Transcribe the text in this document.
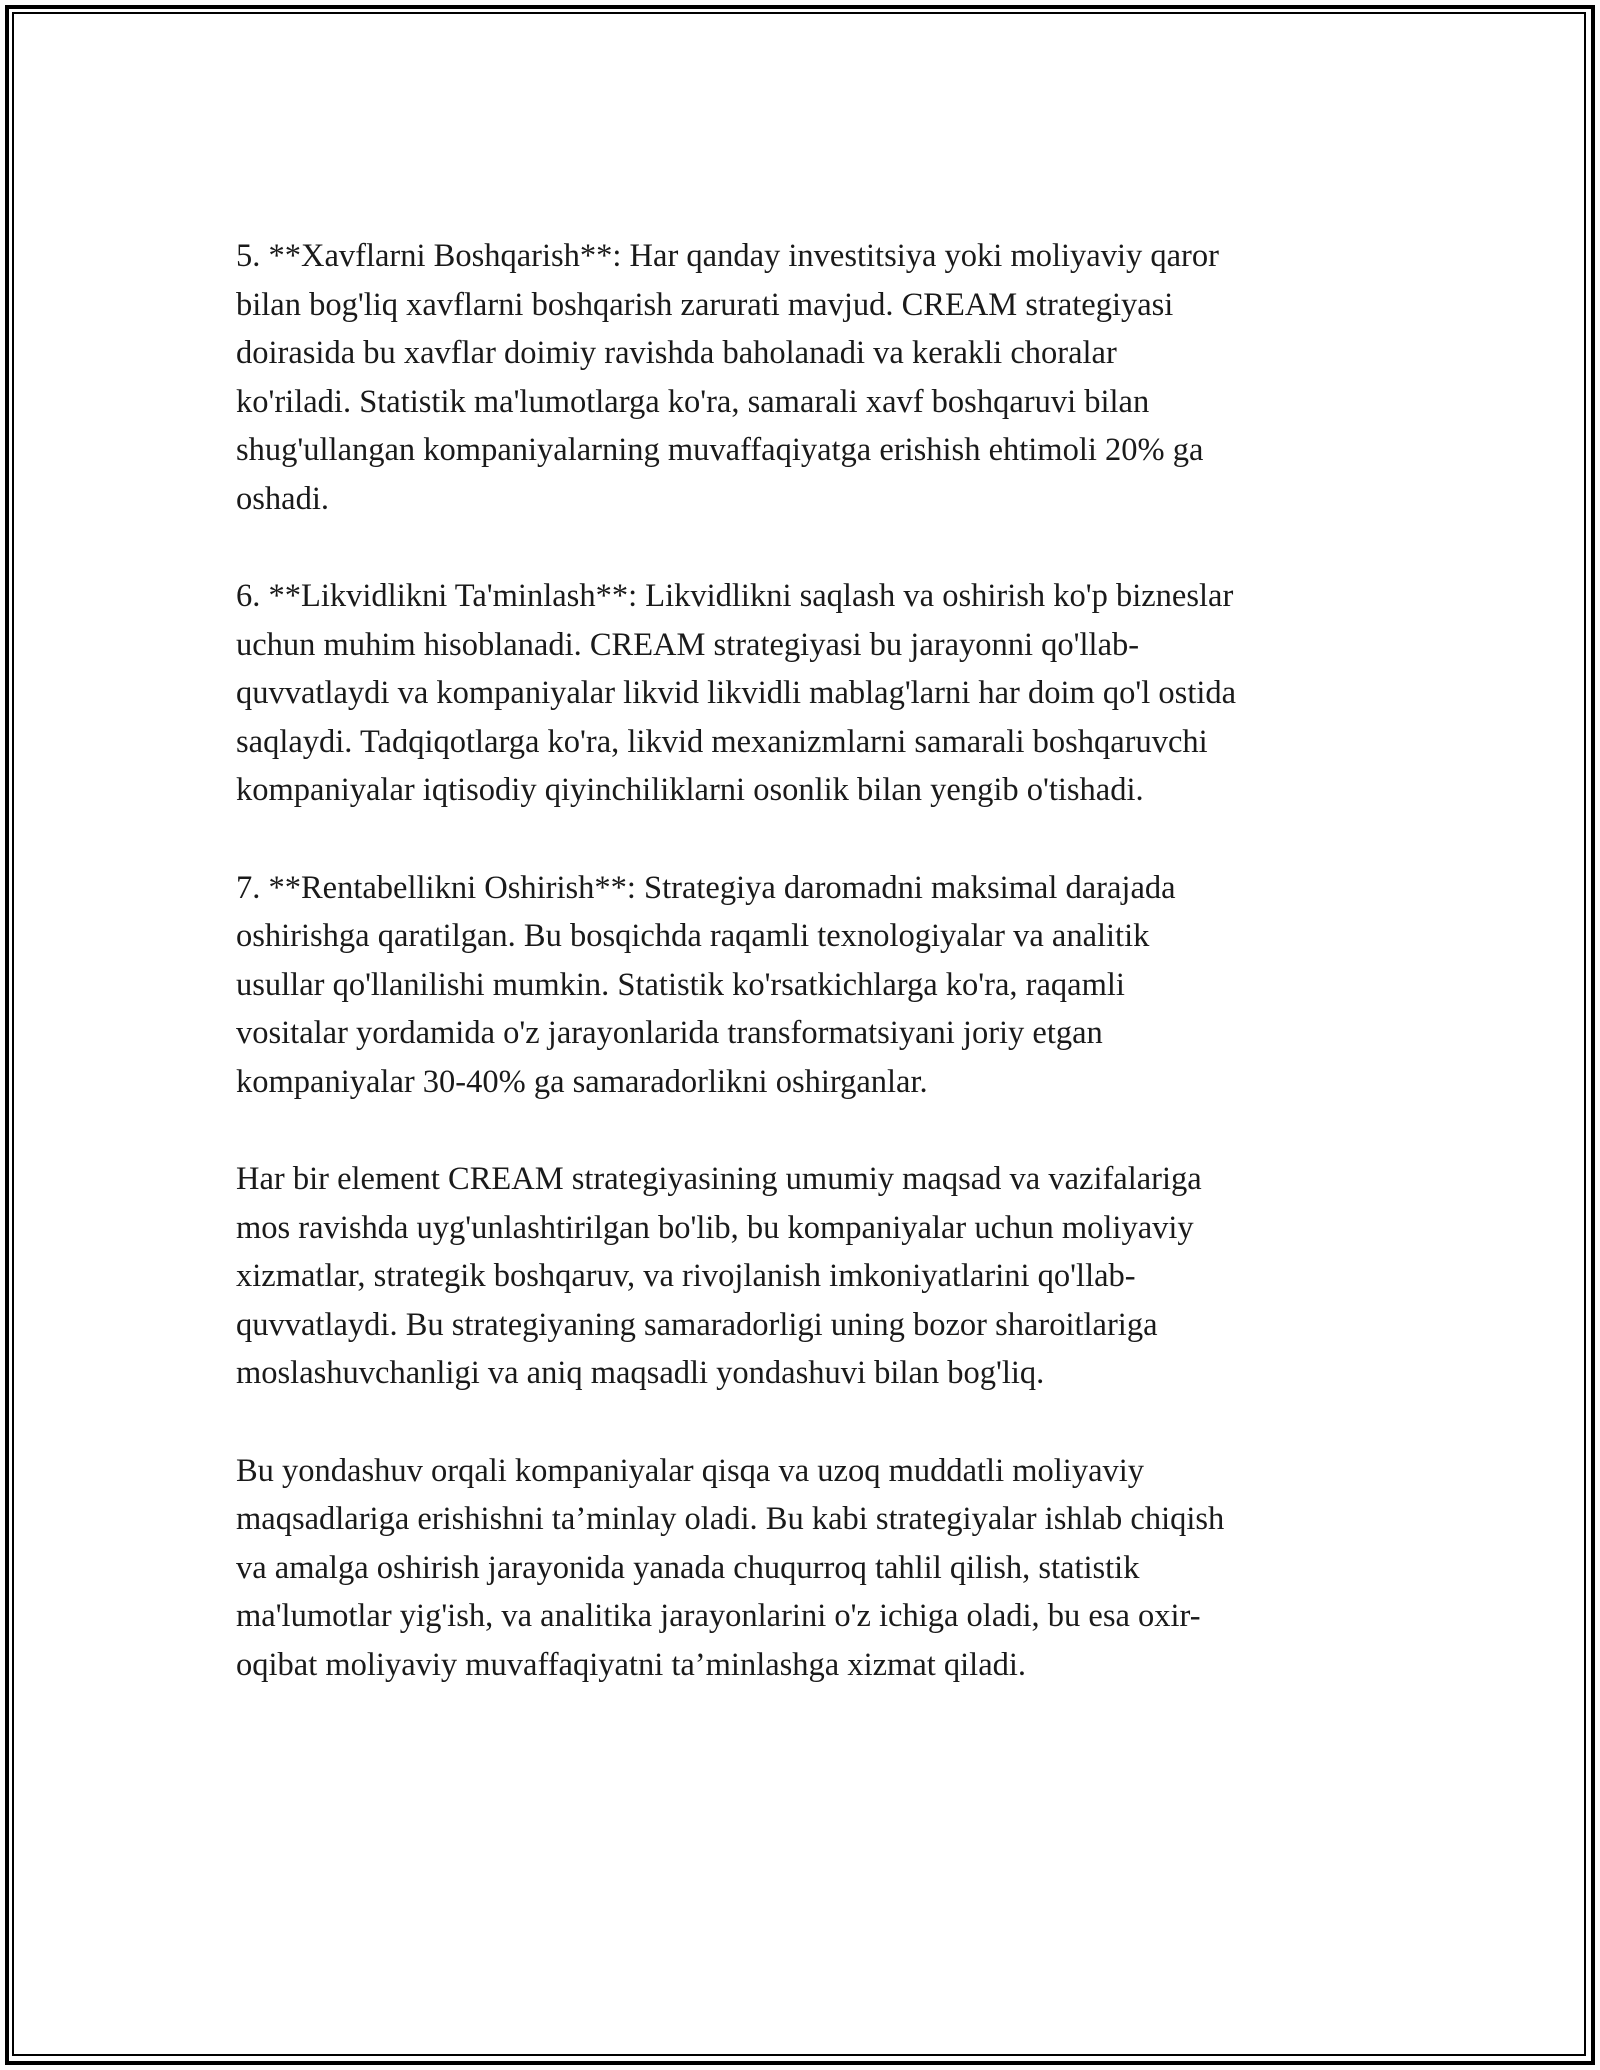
5. **Xavflarni Boshqarish**: Har qanday investitsiya yoki moliyaviy qaror
bilan bog'liq xavflarni boshqarish zarurati mavjud. CREAM strategiyasi
doirasida bu xavflar doimiy ravishda baholanadi va kerakli choralar
ko'riladi. Statistik ma'lumotlarga ko'ra, samarali xavf boshqaruvi bilan
shug'ullangan kompaniyalarning muvaffaqiyatga erishish ehtimoli 20% ga
oshadi.

6. **Likvidlikni Ta'minlash**: Likvidlikni saqlash va oshirish ko'p bizneslar
uchun muhim hisoblanadi. CREAM strategiyasi bu jarayonni qo'llab-
quvvatlaydi va kompaniyalar likvid likvidli mablag'larni har doim qo'l ostida
saqlaydi. Tadqiqotlarga ko'ra, likvid mexanizmlarni samarali boshqaruvchi
kompaniyalar iqtisodiy qiyinchiliklarni osonlik bilan yengib o'tishadi.

7. **Rentabellikni Oshirish**: Strategiya daromadni maksimal darajada
oshirishga qaratilgan. Bu bosqichda raqamli texnologiyalar va analitik
usullar qo'llanilishi mumkin. Statistik ko'rsatkichlarga ko'ra, raqamli
vositalar yordamida o'z jarayonlarida transformatsiyani joriy etgan
kompaniyalar 30-40% ga samaradorlikni oshirganlar.

Har bir element CREAM strategiyasining umumiy maqsad va vazifalariga
mos ravishda uyg'unlashtirilgan bo'lib, bu kompaniyalar uchun moliyaviy
xizmatlar, strategik boshqaruv, va rivojlanish imkoniyatlarini qo'llab-
quvvatlaydi. Bu strategiyaning samaradorligi uning bozor sharoitlariga
moslashuvchanligi va aniq maqsadli yondashuvi bilan bog'liq.

Bu yondashuv orqali kompaniyalar qisqa va uzoq muddatli moliyaviy
maqsadlariga erishishni ta’minlay oladi. Bu kabi strategiyalar ishlab chiqish
va amalga oshirish jarayonida yanada chuqurroq tahlil qilish, statistik
ma'lumotlar yig'ish, va analitika jarayonlarini o'z ichiga oladi, bu esa oxir-
oqibat moliyaviy muvaffaqiyatni ta’minlashga xizmat qiladi.
